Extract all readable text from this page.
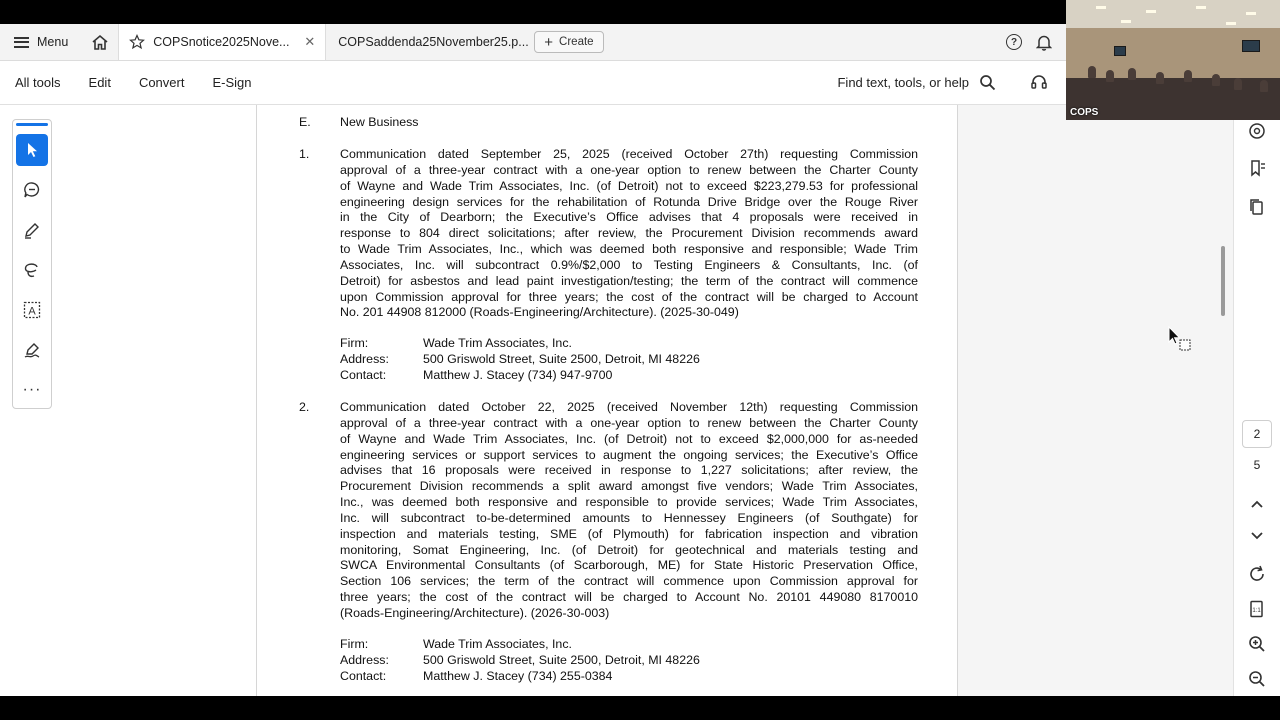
Menu	COPSnotice2025Nove...	✕ COPSaddenda25November25.p... + Create	?
All tools	Edit	Convert	E-Sign	Find text, tools, or help
A
···
E. New Business
1. Communication dated September 25, 2025 (received October 27th) requesting Commission
approval of a three-year contract with a one-year option to renew between the Charter County
of Wayne and Wade Trim Associates, Inc. (of Detroit) not to exceed $223,279.53 for professional
engineering design services for the rehabilitation of Rotunda Drive Bridge over the Rouge River
in the City of Dearborn; the Executive’s Office advises that 4 proposals were received in
response to 804 direct solicitations; after review, the Procurement Division recommends award
to Wade Trim Associates, Inc., which was deemed both responsive and responsible; Wade Trim
Associates, Inc. will subcontract 0.9%/$2,000 to Testing Engineers & Consultants, Inc. (of
Detroit) for asbestos and lead paint investigation/testing; the term of the contract will commence
upon Commission approval for three years; the cost of the contract will be charged to Account
No. 201 44908 812000 (Roads-Engineering/Architecture). (2025-30-049)
Firm:	Wade Trim Associates, Inc.
Address:	500 Griswold Street, Suite 2500, Detroit, MI 48226
Contact:	Matthew J. Stacey (734) 947-9700
2. Communication dated October 22, 2025 (received November 12th) requesting Commission
approval of a three-year contract with a one-year option to renew between the Charter County
of Wayne and Wade Trim Associates, Inc. (of Detroit) not to exceed $2,000,000 for as-needed
engineering services or support services to augment the ongoing services; the Executive’s Office
advises that 16 proposals were received in response to 1,227 solicitations; after review, the
Procurement Division recommends a split award amongst five vendors; Wade Trim Associates,
Inc., was deemed both responsive and responsible to provide services; Wade Trim Associates,
Inc. will subcontract to-be-determined amounts to Hennessey Engineers (of Southgate) for
inspection and materials testing, SME (of Plymouth) for fabrication inspection and vibration
monitoring, Somat Engineering, Inc. (of Detroit) for geotechnical and materials testing and
SWCA Environmental Consultants (of Scarborough, ME) for State Historic Preservation Office,
Section 106 services; the term of the contract will commence upon Commission approval for
three years; the cost of the contract will be charged to Account No. 20101 449080 8170010
(Roads-Engineering/Architecture). (2026-30-003)
Firm:	Wade Trim Associates, Inc.
Address:	500 Griswold Street, Suite 2500, Detroit, MI 48226
Contact:	Matthew J. Stacey (734) 255-0384
2
5
1:1
COPS
